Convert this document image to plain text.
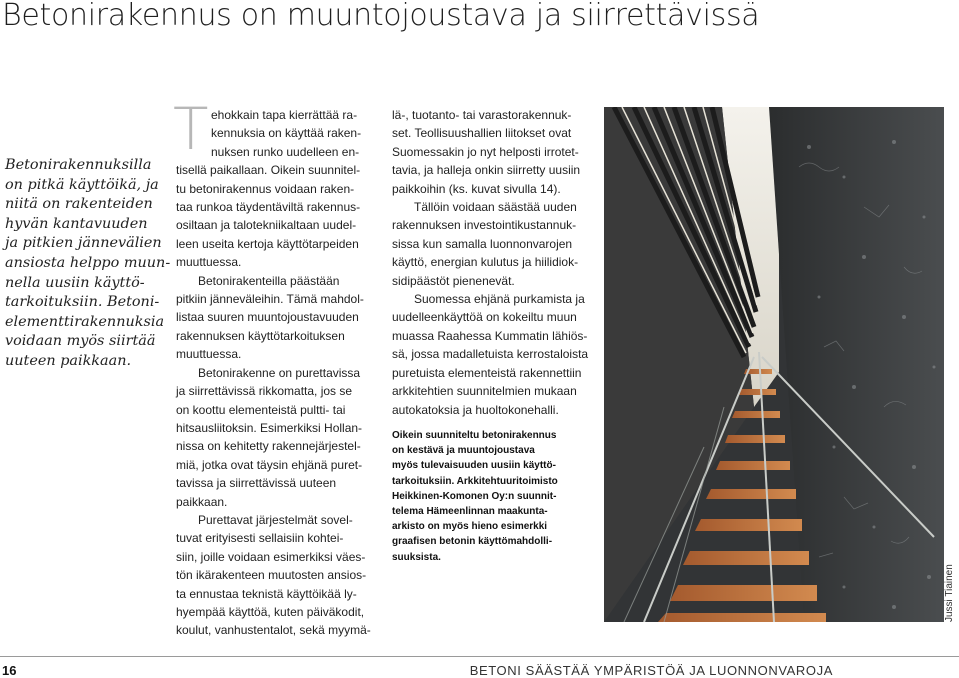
Betonirakennus on muuntojoustava ja siirrettävissä
Betonirakennuksilla
on pitkä käyttöikä, ja
niitä on rakenteiden
hyvän kantavuuden
ja pitkien jännevälien
ansiosta helppo muun-
nella uusiin käyttö-
tarkoituksiin. Betoni-
elementtirakennuksia
voidaan myös siirtää
uuteen paikkaan.
T ehokkain tapa kierrättää ra-
kennuksia on käyttää raken-
nuksen runko uudelleen en-
tisellä paikallaan. Oikein suunnitel-
tu betonirakennus voidaan raken-
taa runkoa täydentäviltä rakennus-
osiltaan ja talotekniikaltaan uudel-
leen useita kertoja käyttötarpeiden
muuttuessa.
Betonirakenteilla päästään
pitkiin jänneväleihin. Tämä mahdol-
listaa suuren muuntojoustavuuden
rakennuksen käyttötarkoituksen
muuttuessa.
Betonirakenne on purettavissa
ja siirrettävissä rikkomatta, jos se
on koottu elementeistä pultti- tai
hitsausliitoksin. Esimerkiksi Hollan-
nissa on kehitetty rakennejärjestel-
miä, jotka ovat täysin ehjänä puret-
tavissa ja siirrettävissä uuteen
paikkaan.
Purettavat järjestelmät sovel-
tuvat erityisesti sellaisiin kohtei-
siin, joille voidaan esimerkiksi väes-
tön ikärakenteen muutosten ansios-
ta ennustaa teknistä käyttöikää ly-
hyempää käyttöä, kuten päiväkodit,
koulut, vanhustentalot, sekä myymä-
lä-, tuotanto- tai varastorakennuk-
set. Teollisuushallien liitokset ovat
Suomessakin jo nyt helposti irrotet-
tavia, ja halleja onkin siirretty uusiin
paikkoihin (ks. kuvat sivulla 14).
Tällöin voidaan säästää uuden
rakennuksen investointikustannuk-
sissa kun samalla luonnonvarojen
käyttö, energian kulutus ja hiilidiok-
sidipäästöt pienenevät.
Suomessa ehjänä purkamista ja
uudelleenkäyttöä on kokeiltu muun
muassa Raahessa Kummatin lähiös-
sä, jossa madalletuista kerrostaloista
puretuista elementeistä rakennettiin
arkkitehtien suunnitelmien mukaan
autokatoksia ja huoltokonehalli.
Oikein suunniteltu betonirakennus
on kestävä ja muuntojoustava
myös tulevaisuuden uusiin käyttö-
tarkoituksiin. Arkkitehtuuritoimisto
Heikkinen-Komonen Oy:n suunnit-
telema Hämeenlinnan maakunta-
arkisto on myös hieno esimerkki
graafisen betonin käyttömahdolli-
suuksista.
Jussi Tiainen
16	BETONI SÄÄSTÄÄ YMPÄRISTÖÄ JA LUONNONVAROJA
